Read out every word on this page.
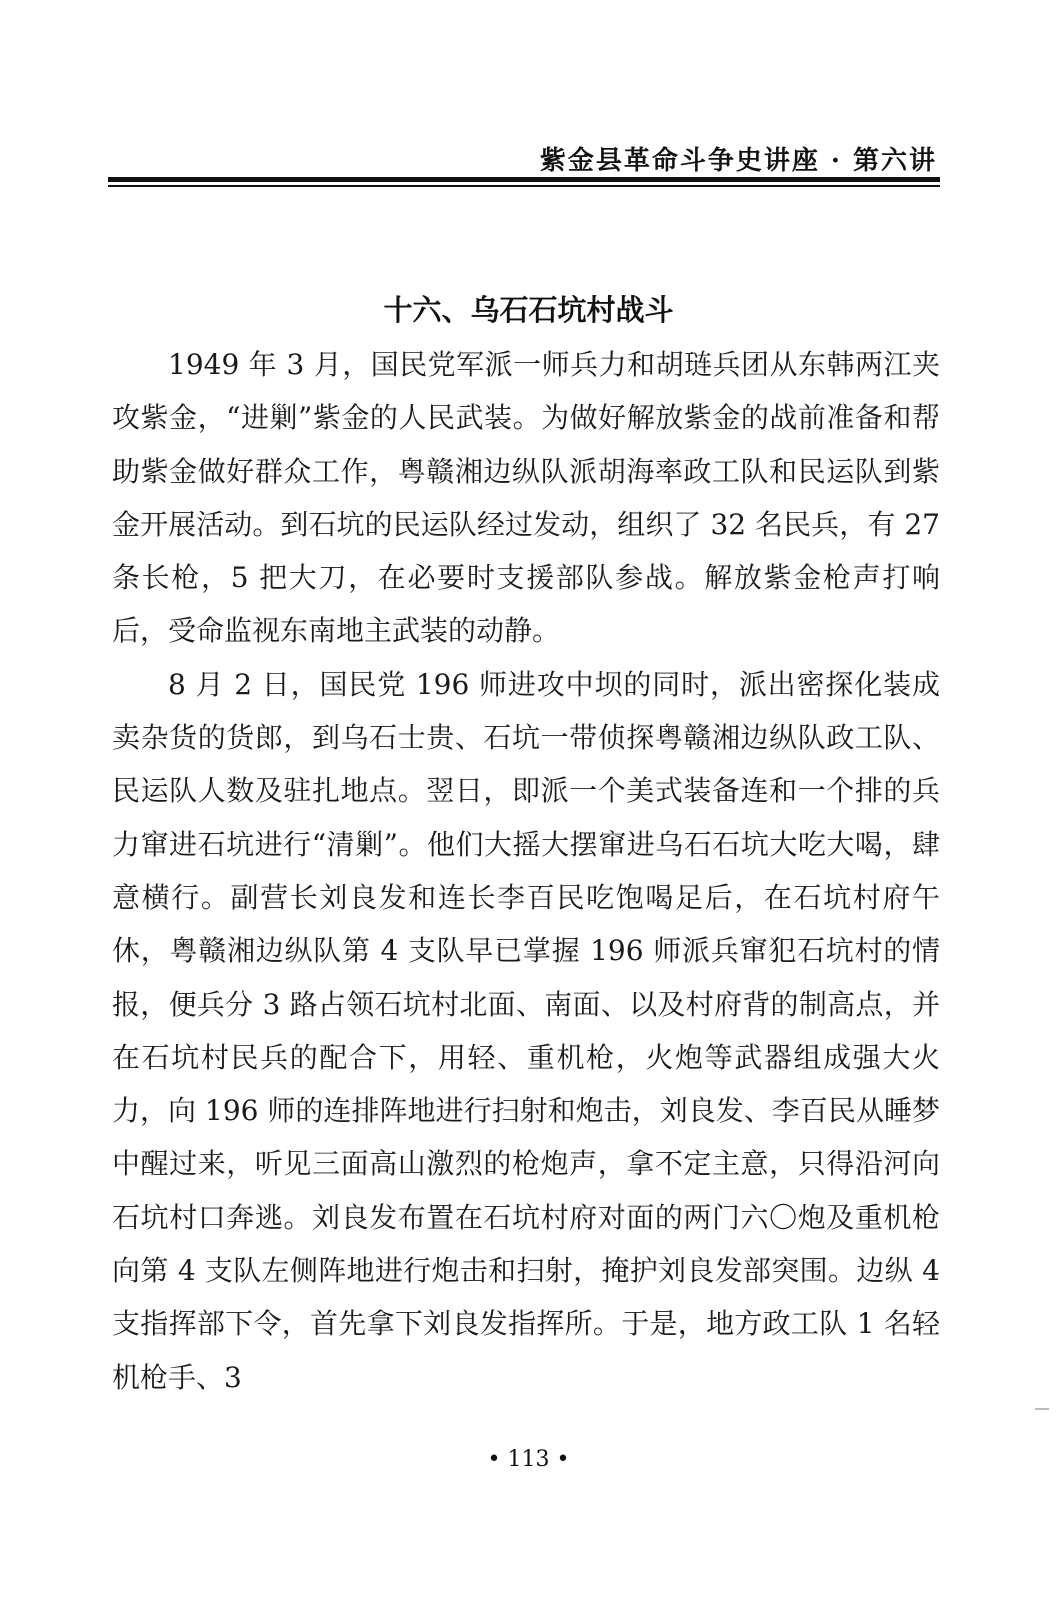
紫金县革命斗争史讲座 · 第六讲
十六、乌石石坑村战斗

1949 年 3 月，国民党军派一师兵力和胡琏兵团从东韩两江夹攻紫金，“进剿”紫金的人民武装。为做好解放紫金的战前准备和帮助紫金做好群众工作，粤赣湘边纵队派胡海率政工队和民运队到紫金开展活动。到石坑的民运队经过发动，组织了 32 名民兵，有 27 条长枪，5 把大刀，在必要时支援部队参战。解放紫金枪声打响后，受命监视东南地主武装的动静。

8 月 2 日，国民党 196 师进攻中坝的同时，派出密探化装成卖杂货的货郎，到乌石士贵、石坑一带侦探粤赣湘边纵队政工队、民运队人数及驻扎地点。翌日，即派一个美式装备连和一个排的兵力窜进石坑进行“清剿”。他们大摇大摆窜进乌石石坑大吃大喝，肆意横行。副营长刘良发和连长李百民吃饱喝足后，在石坑村府午休，粤赣湘边纵队第 4 支队早已掌握 196 师派兵窜犯石坑村的情报，便兵分 3 路占领石坑村北面、南面、以及村府背的制高点，并在石坑村民兵的配合下，用轻、重机枪，火炮等武器组成强大火力，向 196 师的连排阵地进行扫射和炮击，刘良发、李百民从睡梦中醒过来，听见三面高山激烈的枪炮声，拿不定主意，只得沿河向石坑村口奔逃。刘良发布置在石坑村府对面的两门六〇炮及重机枪向第 4 支队左侧阵地进行炮击和扫射，掩护刘良发部突围。边纵 4 支指挥部下令，首先拿下刘良发指挥所。于是，地方政工队 1 名轻机枪手、3

• 113 •
